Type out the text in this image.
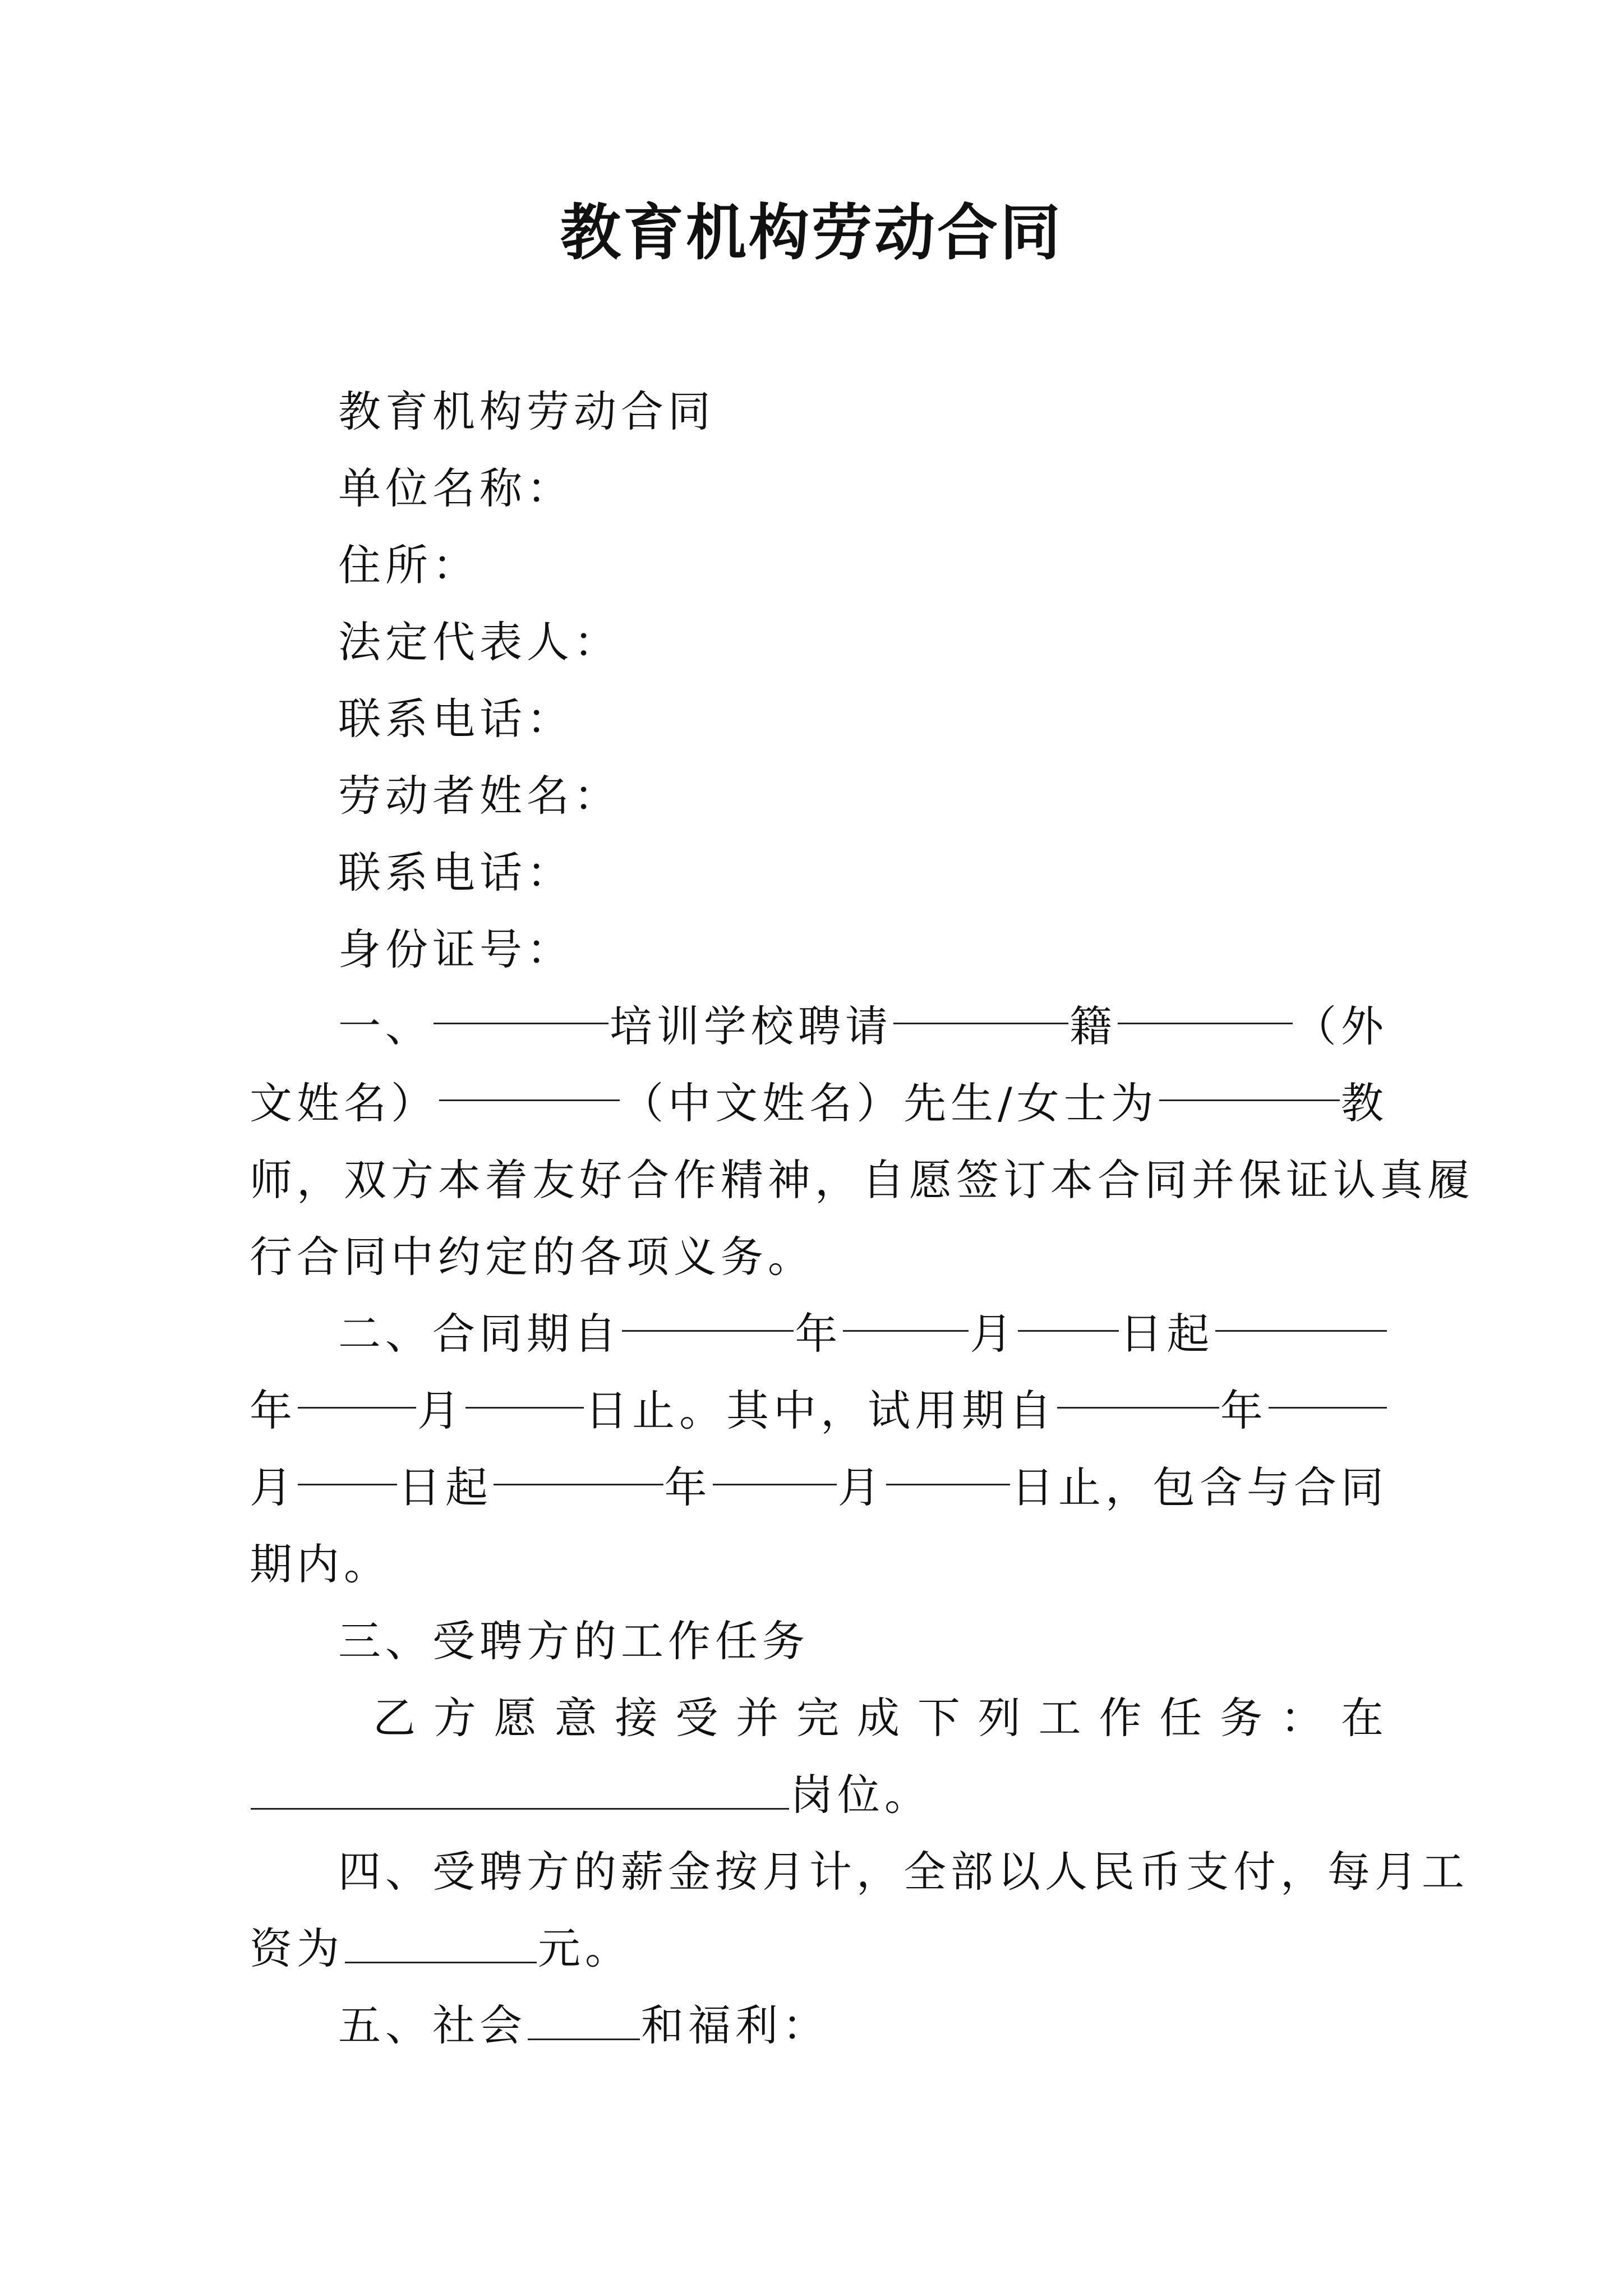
教育机构劳动合同
教育机构劳动合同
单位名称：
住所：
法定代表人：
联系电话：
劳动者姓名：
联系电话：
身份证号：
一、	培训学校聘请	籍	（外
文姓名）	（中文姓名）先生/女士为	教
师，双方本着友好合作精神，自愿签订本合同并保证认真履
行合同中约定的各项义务。
二、合同期自	年	月 日起
年	月	日止。其中，试用期自	年
月 日起	年	月	日止，包含与合同
期内。
三、受聘方的工作任务
乙 方 愿 意 接 受 并 完 成 下 列 工 作 任 务 ： 在
岗位。
四、受聘方的薪金按月计，全部以人民币支付，每月工
资为	元。
五、社会	和福利：
